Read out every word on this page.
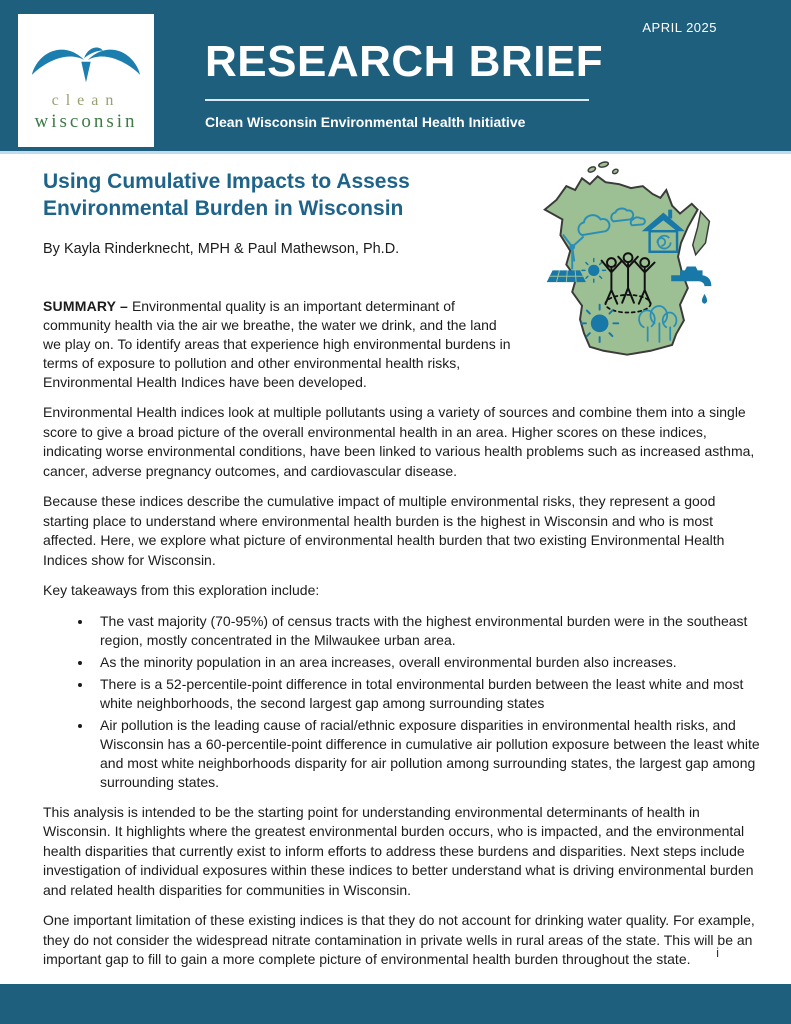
clean
wisconsin
APRIL 2025
RESEARCH BRIEF
Clean Wisconsin Environmental Health Initiative
Using Cumulative Impacts to Assess
Environmental Burden in Wisconsin

By Kayla Rinderknecht, MPH & Paul Mathewson, Ph.D.

SUMMARY – Environmental quality is an important determinant of community health via the air we breathe, the water we drink, and the land we play on. To identify areas that experience high environmental burdens in terms of exposure to pollution and other environmental health risks, Environmental Health Indices have been developed.

Environmental Health indices look at multiple pollutants using a variety of sources and combine them into a single score to give a broad picture of the overall environmental health in an area. Higher scores on these indices, indicating worse environmental conditions, have been linked to various health problems such as increased asthma, cancer, adverse pregnancy outcomes, and cardiovascular disease.

Because these indices describe the cumulative impact of multiple environmental risks, they represent a good starting place to understand where environmental health burden is the highest in Wisconsin and who is most affected. Here, we explore what picture of environmental health burden that two existing Environmental Health Indices show for Wisconsin.

Key takeaways from this exploration include:

• The vast majority (70-95%) of census tracts with the highest environmental burden were in the southeast region, mostly concentrated in the Milwaukee urban area.
• As the minority population in an area increases, overall environmental burden also increases.
• There is a 52-percentile-point difference in total environmental burden between the least white and most white neighborhoods, the second largest gap among surrounding states
• Air pollution is the leading cause of racial/ethnic exposure disparities in environmental health risks, and Wisconsin has a 60-percentile-point difference in cumulative air pollution exposure between the least white and most white neighborhoods disparity for air pollution among surrounding states, the largest gap among surrounding states.

This analysis is intended to be the starting point for understanding environmental determinants of health in Wisconsin. It highlights where the greatest environmental burden occurs, who is impacted, and the environmental health disparities that currently exist to inform efforts to address these burdens and disparities. Next steps include investigation of individual exposures within these indices to better understand what is driving environmental burden and related health disparities for communities in Wisconsin.

One important limitation of these existing indices is that they do not account for drinking water quality. For example, they do not consider the widespread nitrate contamination in private wells in rural areas of the state. This will be an important gap to fill to gain a more complete picture of environmental health burden throughout the state.	i
